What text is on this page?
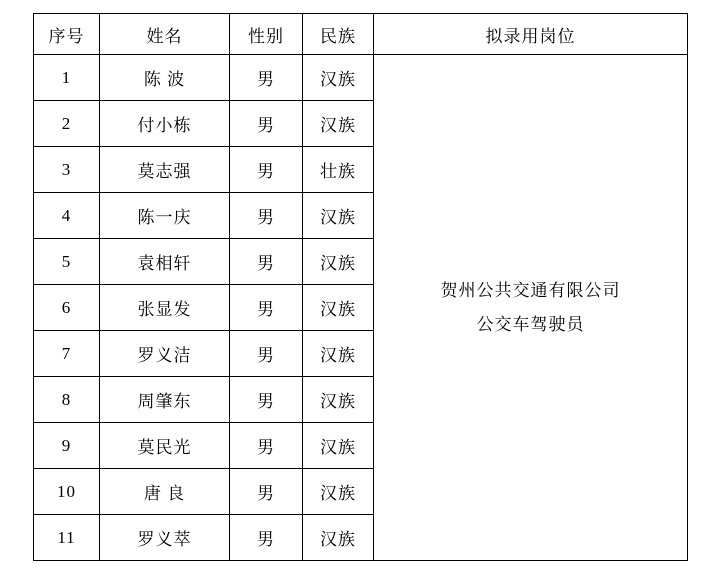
序号	姓名	性别	民族	拟录用岗位
1	陈 波	男	汉族	贺州公共交通有限公司
公交车驾驶员

2	付小栋	男	汉族	
3	莫志强	男	壮族	
4	陈一庆	男	汉族	
5	袁相轩	男	汉族	
6	张显发	男	汉族	
7	罗义洁	男	汉族	
8	周肇东	男	汉族	
9	莫民光	男	汉族	
10	唐 良	男	汉族	
11	罗义萃	男	汉族	
